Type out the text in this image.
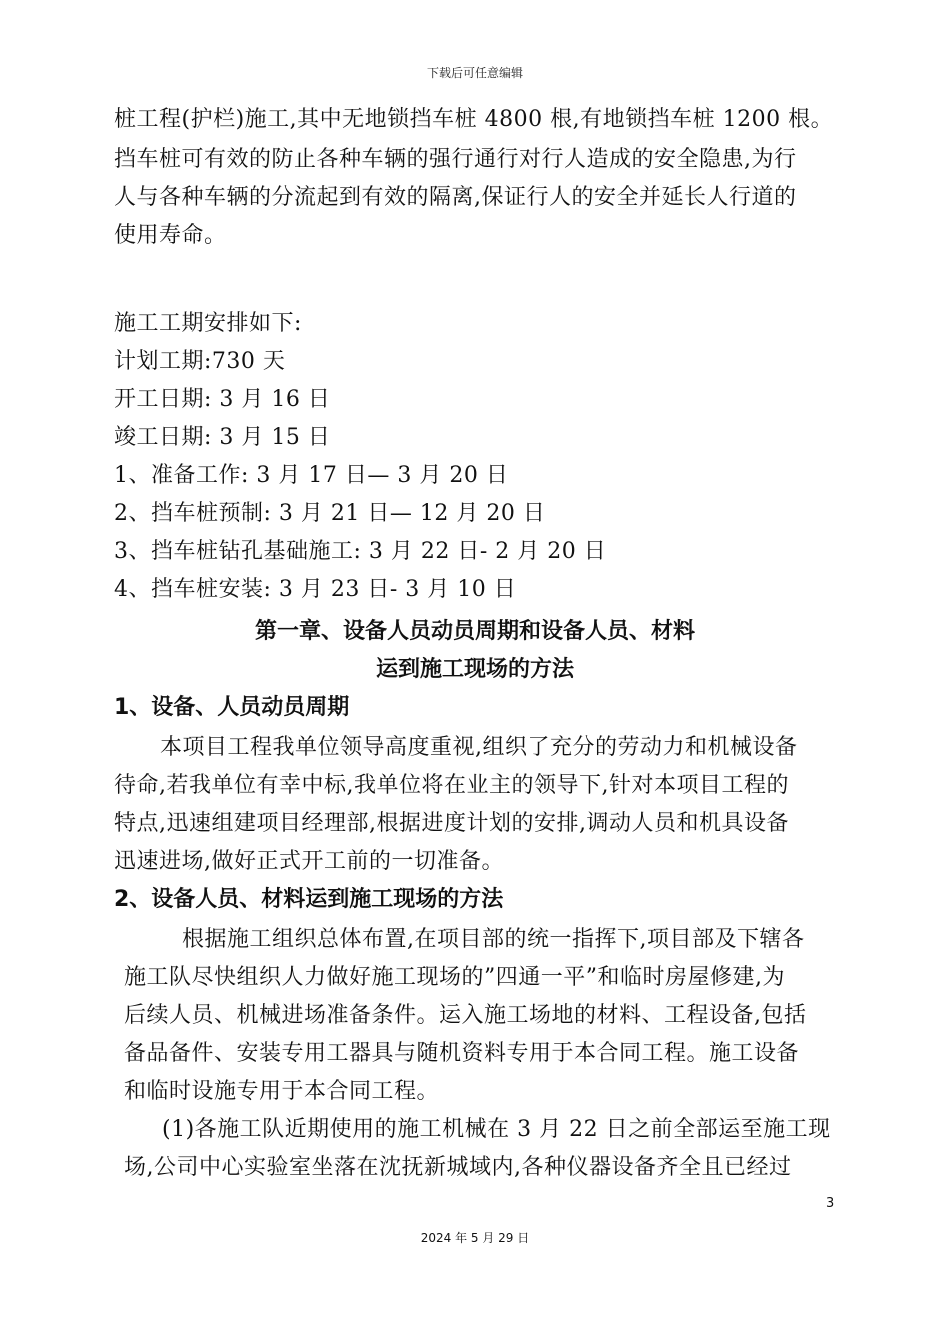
下载后可任意编辑
桩工程(护栏)施工,其中无地锁挡车桩 4800 根,有地锁挡车桩 1200 根。
挡车桩可有效的防止各种车辆的强行通行对行人造成的安全隐患,为行
人与各种车辆的分流起到有效的隔离,保证行人的安全并延长人行道的
使用寿命。
施工工期安排如下:
计划工期:730 天
开工日期: 3 月 16 日
竣工日期: 3 月 15 日
1、准备工作: 3 月 17 日— 3 月 20 日
2、挡车桩预制: 3 月 21 日— 12 月 20 日
3、挡车桩钻孔基础施工: 3 月 22 日- 2 月 20 日
4、挡车桩安装: 3 月 23 日- 3 月 10 日
第一章、设备人员动员周期和设备人员、材料
运到施工现场的方法
1、设备、人员动员周期
本项目工程我单位领导高度重视,组织了充分的劳动力和机械设备
待命,若我单位有幸中标,我单位将在业主的领导下,针对本项目工程的
特点,迅速组建项目经理部,根据进度计划的安排,调动人员和机具设备
迅速进场,做好正式开工前的一切准备。
2、设备人员、材料运到施工现场的方法
根据施工组织总体布置,在项目部的统一指挥下,项目部及下辖各
施工队尽快组织人力做好施工现场的”四通一平”和临时房屋修建,为
后续人员、机械进场准备条件。运入施工场地的材料、工程设备,包括
备品备件、安装专用工器具与随机资料专用于本合同工程。施工设备
和临时设施专用于本合同工程。
(1)各施工队近期使用的施工机械在 3 月 22 日之前全部运至施工现
场,公司中心实验室坐落在沈抚新城域内,各种仪器设备齐全且已经过
3
2024 年 5 月 29 日
